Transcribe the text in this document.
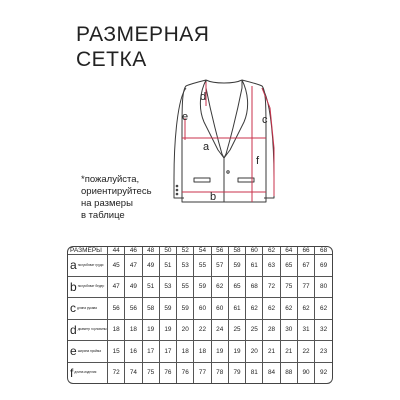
РАЗМЕРНАЯ
СЕТКА
d
e
a
c
f
b
*пожалуйста,
ориентируйтесь
на размеры
в таблице
РАЗМЕРЫ	44	46	48	50	52	54	56	58	60	62	64	66	68
aполуобхват груди	45	47	49	51	53	55	57	59	61	63	65	67	69
bполуобхват бедер	47	49	51	53	55	59	62	65	68	72	75	77	80
cдлина рукава	56	56	58	59	59	60	60	61	62	62	62	62	62
dдиаметр горловины	18	18	19	19	20	22	24	25	25	28	30	31	32
eширина пройма	15	16	17	17	18	18	19	19	20	21	21	22	23
fдлина изделия	72	74	75	76	76	77	78	79	81	84	88	90	92
